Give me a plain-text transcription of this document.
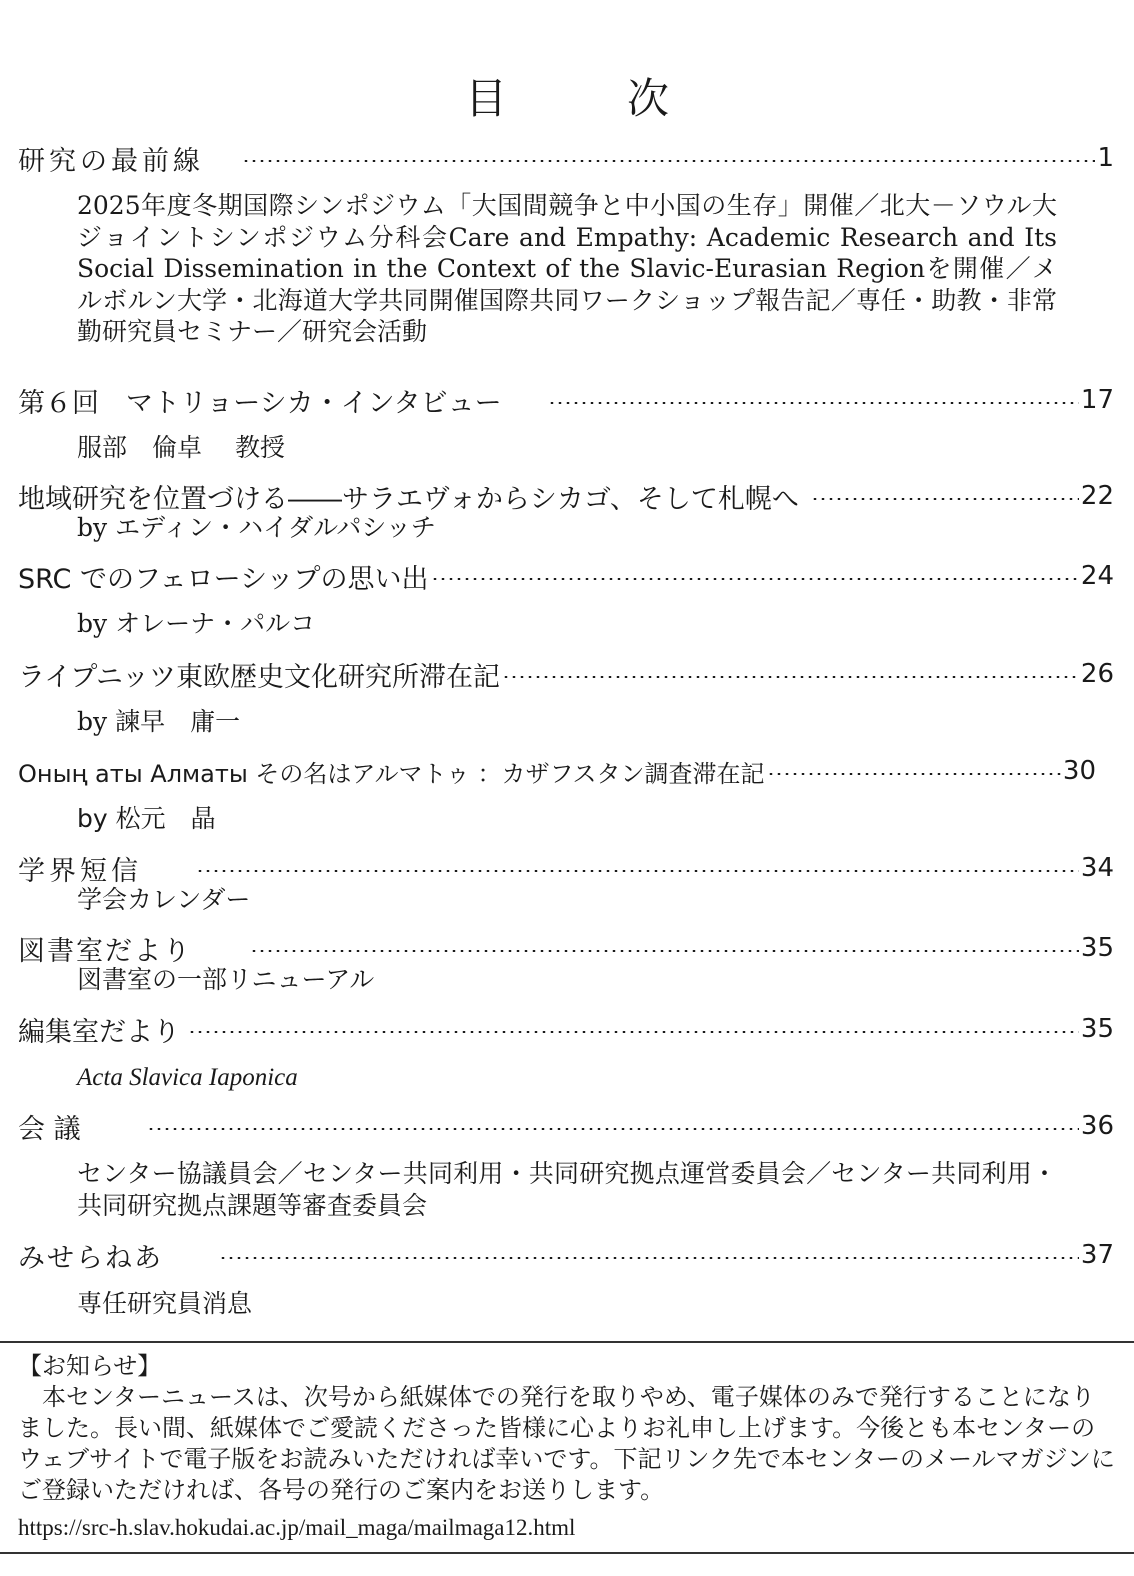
目	次
研究の最前線	1
2025年度冬期国際シンポジウム「大国間競争と中小国の生存」開催／北大－ソウル大ジョイントシンポジウム分科会Care and Empathy: Academic Research and Its Social Dissemination in the Context of the Slavic-Eurasian Regionを開催／メルボルン大学・北海道大学共同開催国際共同ワークショップ報告記／専任・助教・非常勤研究員セミナー／研究会活動
第６回　マトリョーシカ・インタビュー	17
服部　倫卓　 教授
地域研究を位置づける――サラエヴォからシカゴ、そして札幌へ	22
by エディン・ハイダルパシッチ
SRC でのフェローシップの思い出	24
by オレーナ・パルコ
ライプニッツ東欧歴史文化研究所滞在記	26
by 諫早　庸一
Оның аты Алматы その名はアルマトゥ ：カザフスタン調査滞在記	30
by 松元　晶
学界短信	34
学会カレンダー
図書室だより	35
図書室の一部リニューアル
編集室だより	35
Acta Slavica Iaponica
会 議	36
センター協議員会／センター共同利用・共同研究拠点運営委員会／センター共同利用・共同研究拠点課題等審査委員会
みせらねあ	37
専任研究員消息
【お知らせ】

本センターニュースは、次号から紙媒体での発行を取りやめ、電子媒体のみで発行することになりました。長い間、紙媒体でご愛読くださった皆様に心よりお礼申し上げます。今後とも本センターのウェブサイトで電子版をお読みいただければ幸いです。下記リンク先で本センターのメールマガジンにご登録いただければ、各号の発行のご案内をお送りします。

https://src-h.slav.hokudai.ac.jp/mail_maga/mailmaga12.html
